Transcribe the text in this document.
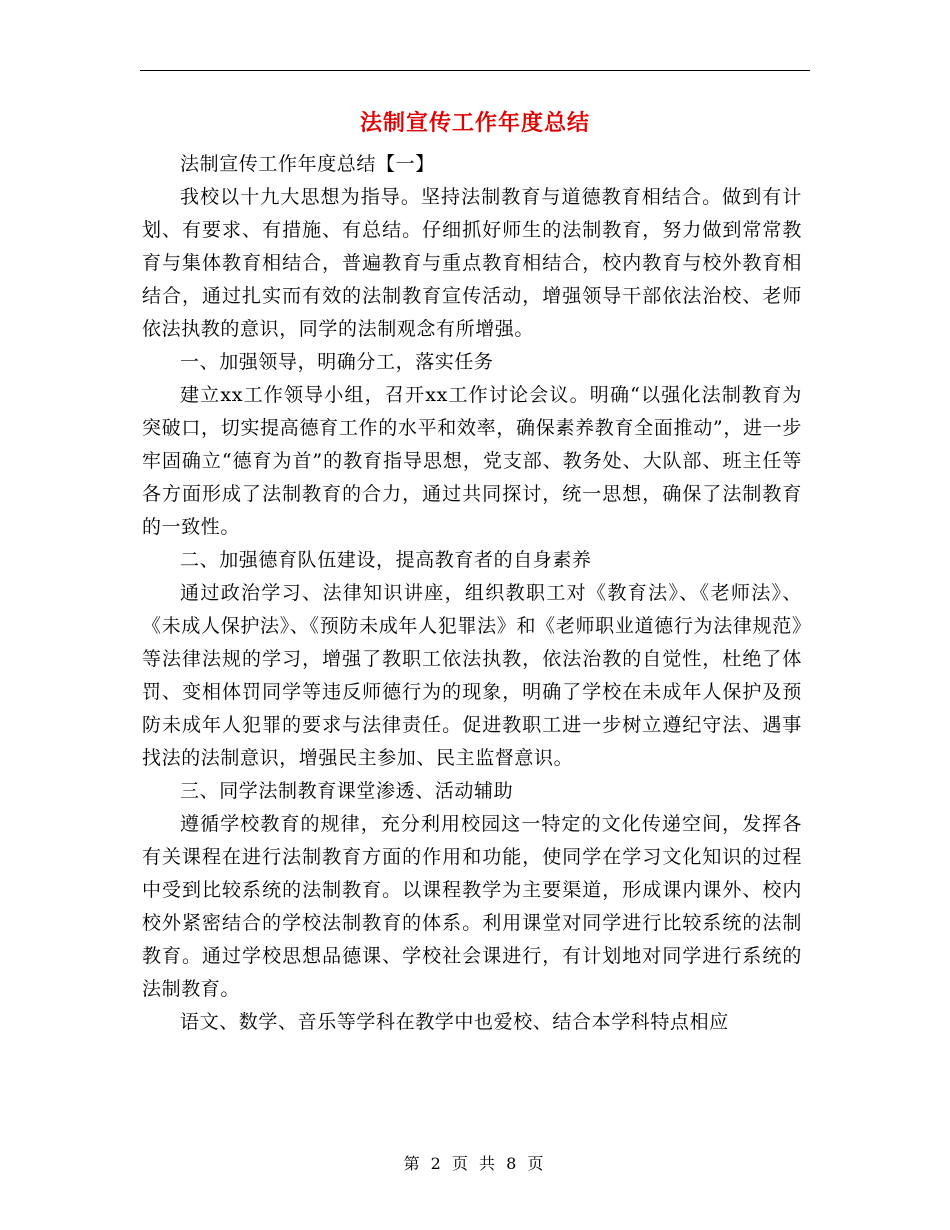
法制宣传工作年度总结

法制宣传工作年度总结【一】

我校以十九大思想为指导。坚持法制教育与道德教育相结合。做到有计划、有要求、有措施、有总结。仔细抓好师生的法制教育，努力做到常常教育与集体教育相结合，普遍教育与重点教育相结合，校内教育与校外教育相结合，通过扎实而有效的法制教育宣传活动，增强领导干部依法治校、老师依法执教的意识，同学的法制观念有所增强。

一、加强领导，明确分工，落实任务

建立xx工作领导小组，召开xx工作讨论会议。明确“以强化法制教育为突破口，切实提高德育工作的水平和效率，确保素养教育全面推动”，进一步牢固确立“德育为首”的教育指导思想，党支部、教务处、大队部、班主任等各方面形成了法制教育的合力，通过共同探讨，统一思想，确保了法制教育的一致性。

二、加强德育队伍建设，提高教育者的自身素养

通过政治学习、法律知识讲座，组织教职工对《教育法》、《老师法》、《未成人保护法》、《预防未成年人犯罪法》和《老师职业道德行为法律规范》等法律法规的学习，增强了教职工依法执教，依法治教的自觉性，杜绝了体罚、变相体罚同学等违反师德行为的现象，明确了学校在未成年人保护及预防未成年人犯罪的要求与法律责任。促进教职工进一步树立遵纪守法、遇事找法的法制意识，增强民主参加、民主监督意识。

三、同学法制教育课堂渗透、活动辅助

遵循学校教育的规律，充分利用校园这一特定的文化传递空间，发挥各有关课程在进行法制教育方面的作用和功能，使同学在学习文化知识的过程中受到比较系统的法制教育。以课程教学为主要渠道，形成课内课外、校内校外紧密结合的学校法制教育的体系。利用课堂对同学进行比较系统的法制教育。通过学校思想品德课、学校社会课进行，有计划地对同学进行系统的法制教育。

语文、数学、音乐等学科在教学中也爱校、结合本学科特点相应

第 2 页 共 8 页
